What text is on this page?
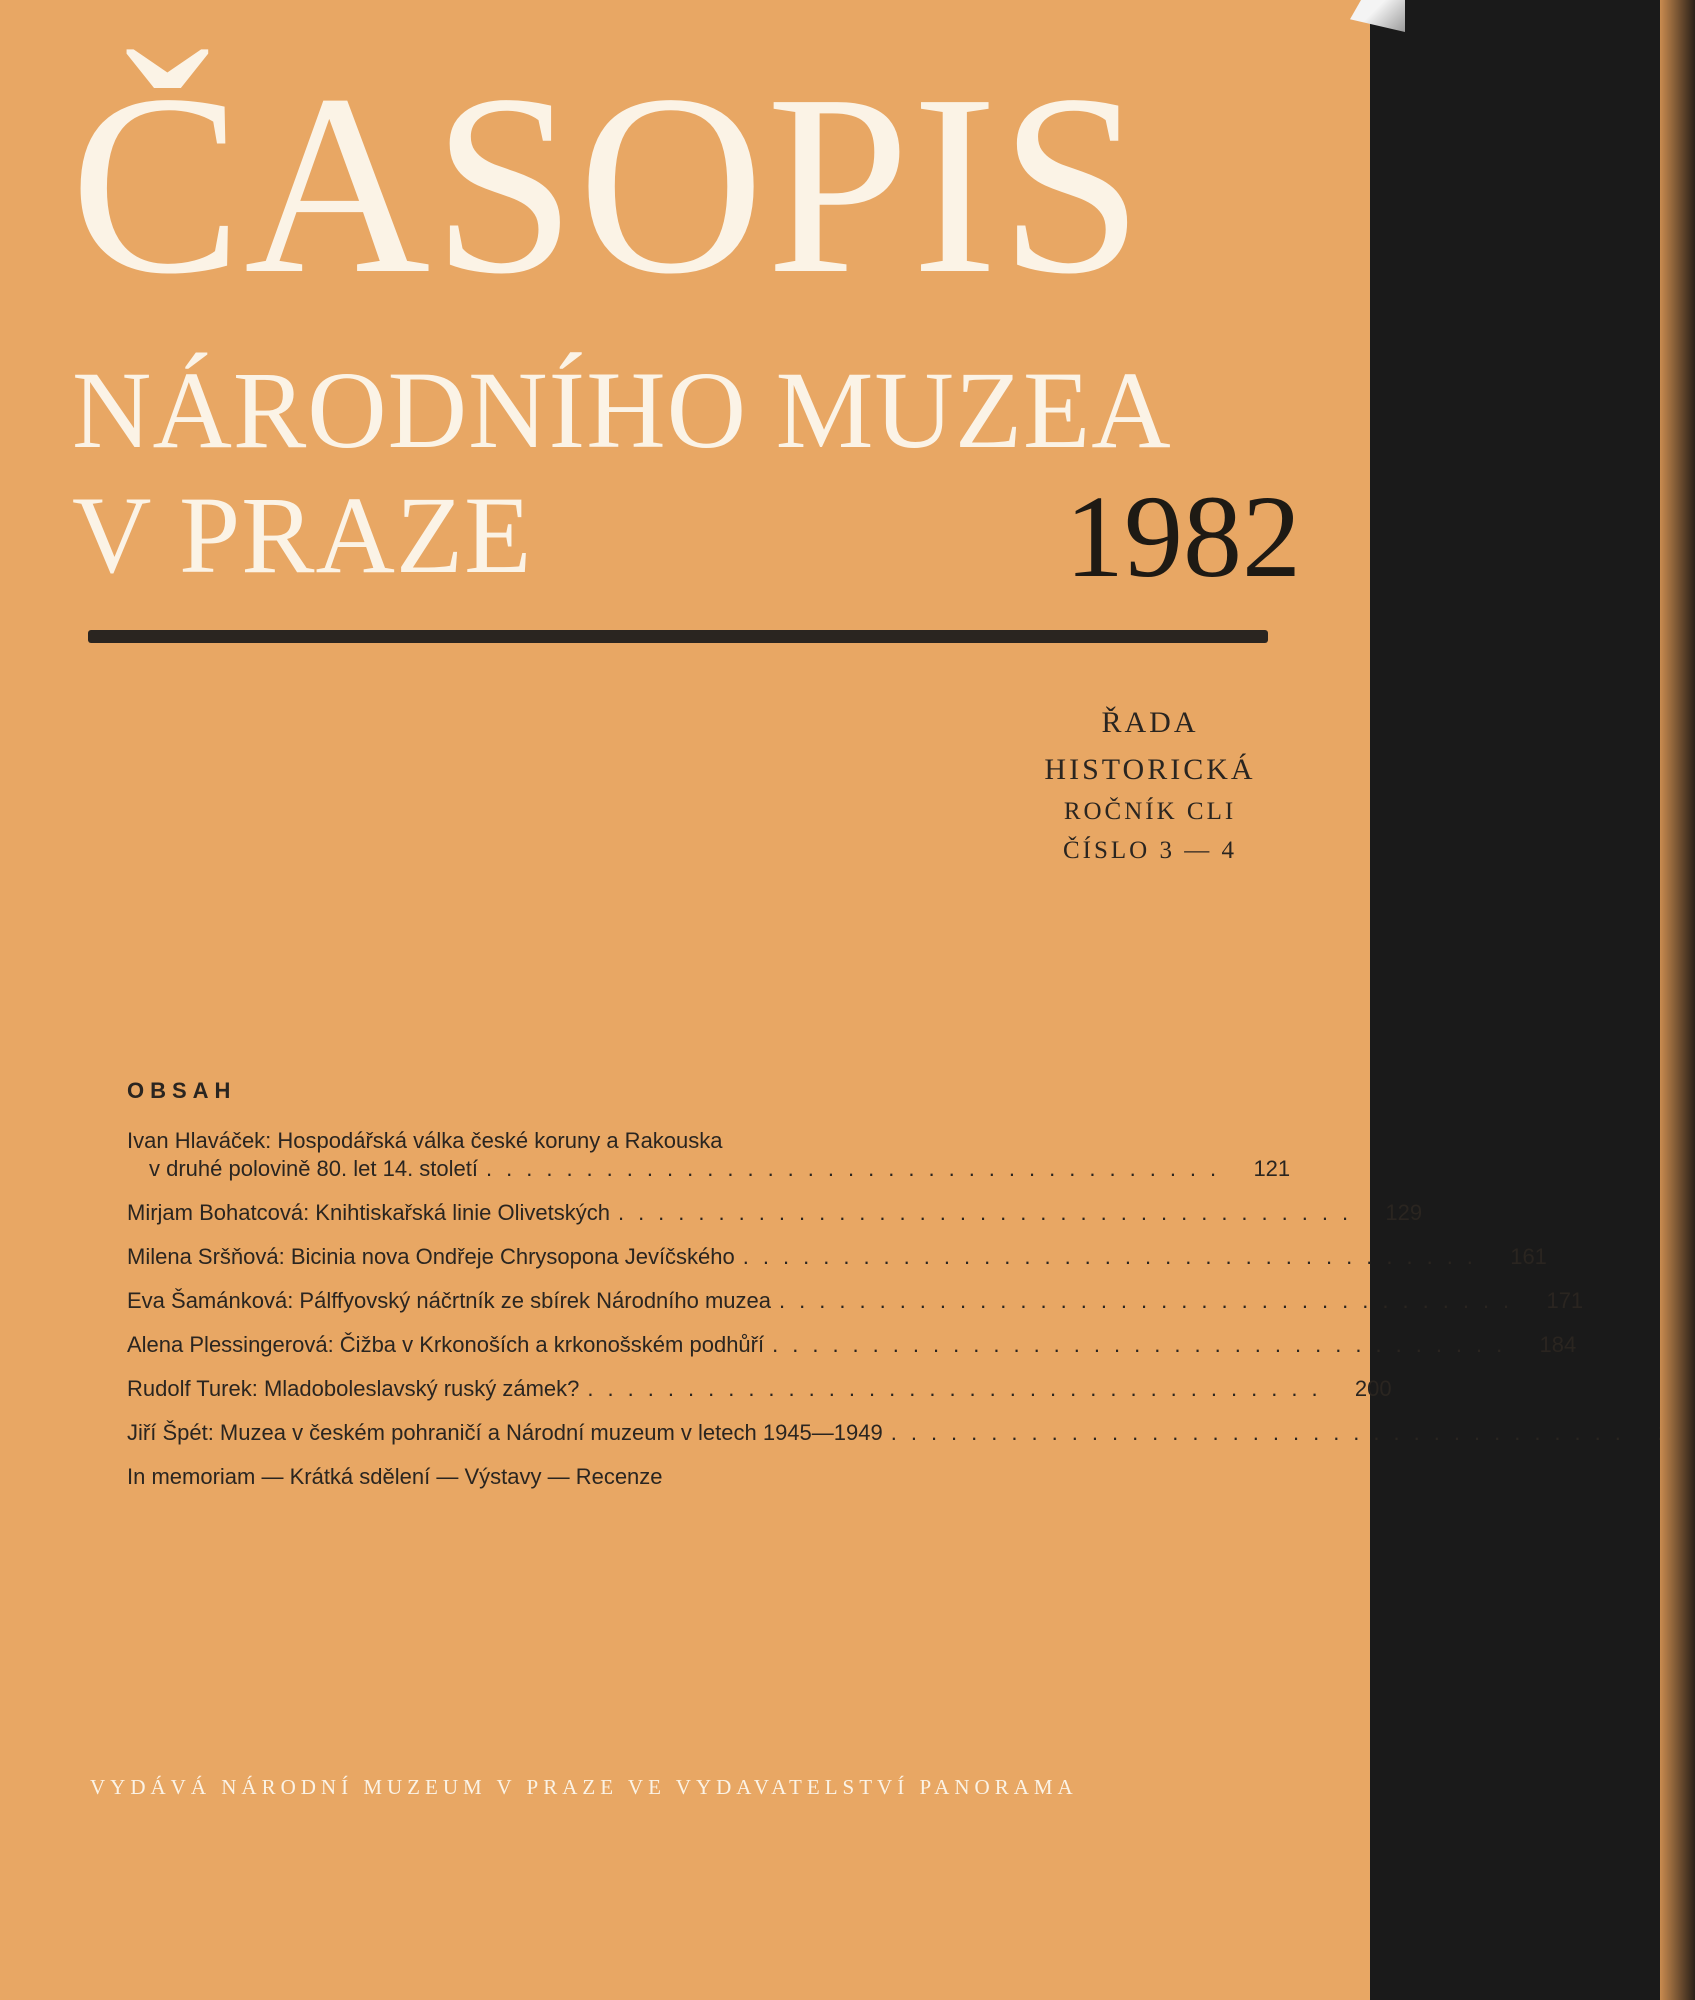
ČASOPIS
NÁRODNÍHO MUZEA
V PRAZE	1982
ŘADA
HISTORICKÁ
ROČNÍK CLI
ČÍSLO 3 — 4
OBSAH
Ivan Hlaváček: Hospodářská válka české koruny a Rakouska
v druhé polovině 80. let 14. století .....................................	121
Mirjam Bohatcová: Knihtiskařská linie Olivetských .....................................	129
Milena Sršňová: Bicinia nova Ondřeje Chrysopona Jevíčského .....................................	161
Eva Šamánková: Pálffyovský náčrtník ze sbírek Národního muzea .....................................	171
Alena Plessingerová: Čižba v Krkonoších a krkonošském podhůří .....................................	184
Rudolf Turek: Mladoboleslavský ruský zámek? .....................................	200
Jiří Špét: Muzea v českém pohraničí a Národní muzeum v letech 1945—1949 .....................................
In memoriam — Krátká sdělení — Výstavy — Recenze
VYDÁVÁ NÁRODNÍ MUZEUM V PRAZE VE VYDAVATELSTVÍ PANORAMA
